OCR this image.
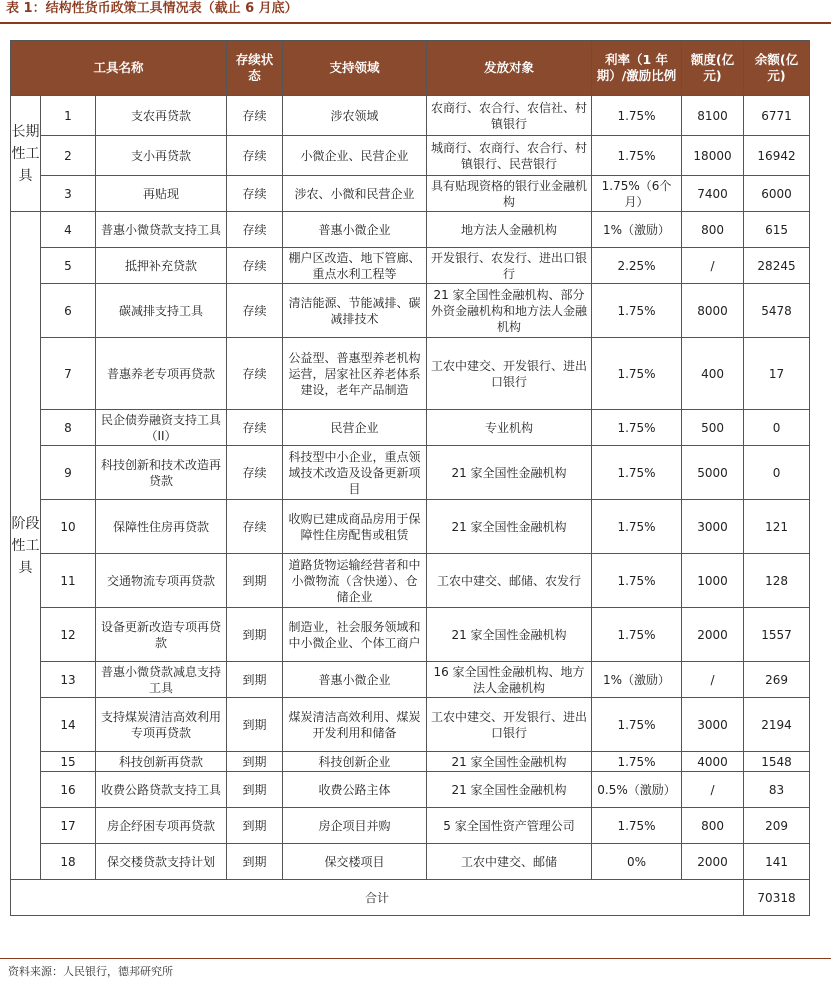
表 1：结构性货币政策工具情况表（截止 6 月底）
工具名称			存续状态	支持领域	发放对象	利率（1 年期）/激励比例	额度(亿元)	余额(亿元)
长期性工具	1	支农再贷款	存续	涉农领域	农商行、农合行、农信社、村镇银行	1.75%	8100	6771
	2	支小再贷款	存续	小微企业、民营企业	城商行、农商行、农合行、村镇银行、民营银行	1.75%	18000	16942
	3	再贴现	存续	涉农、小微和民营企业	具有贴现资格的银行业金融机构	1.75%（6个月）	7400	6000
阶段性工具	4	普惠小微贷款支持工具	存续	普惠小微企业	地方法人金融机构	1%（激励）	800	615
	5	抵押补充贷款	存续	棚户区改造、地下管廊、重点水利工程等	开发银行、农发行、进出口银行	2.25%	/	28245
	6	碳减排支持工具	存续	清洁能源、节能减排、碳减排技术	21 家全国性金融机构、部分外资金融机构和地方法人金融机构	1.75%	8000	5478
	7	普惠养老专项再贷款	存续	公益型、普惠型养老机构运营，居家社区养老体系建设，老年产品制造	工农中建交、开发银行、进出口银行	1.75%	400	17
	8	民企债券融资支持工具（II）	存续	民营企业	专业机构	1.75%	500	0
	9	科技创新和技术改造再贷款	存续	科技型中小企业，重点领域技术改造及设备更新项目	21 家全国性金融机构	1.75%	5000	0
	10	保障性住房再贷款	存续	收购已建成商品房用于保障性住房配售或租赁	21 家全国性金融机构	1.75%	3000	121
	11	交通物流专项再贷款	到期	道路货物运输经营者和中小微物流（含快递）、仓储企业	工农中建交、邮储、农发行	1.75%	1000	128
	12	设备更新改造专项再贷款	到期	制造业，社会服务领域和中小微企业、个体工商户	21 家全国性金融机构	1.75%	2000	1557
	13	普惠小微贷款减息支持工具	到期	普惠小微企业	16 家全国性金融机构、地方法人金融机构	1%（激励）	/	269
	14	支持煤炭清洁高效利用专项再贷款	到期	煤炭清洁高效利用、煤炭开发利用和储备	工农中建交、开发银行、进出口银行	1.75%	3000	2194
	15	科技创新再贷款	到期	科技创新企业	21 家全国性金融机构	1.75%	4000	1548
	16	收费公路贷款支持工具	到期	收费公路主体	21 家全国性金融机构	0.5%（激励）	/	83
	17	房企纾困专项再贷款	到期	房企项目并购	5 家全国性资产管理公司	1.75%	800	209
	18	保交楼贷款支持计划	到期	保交楼项目	工农中建交、邮储	0%	2000	141
合计								70318
资料来源：人民银行，德邦研究所
